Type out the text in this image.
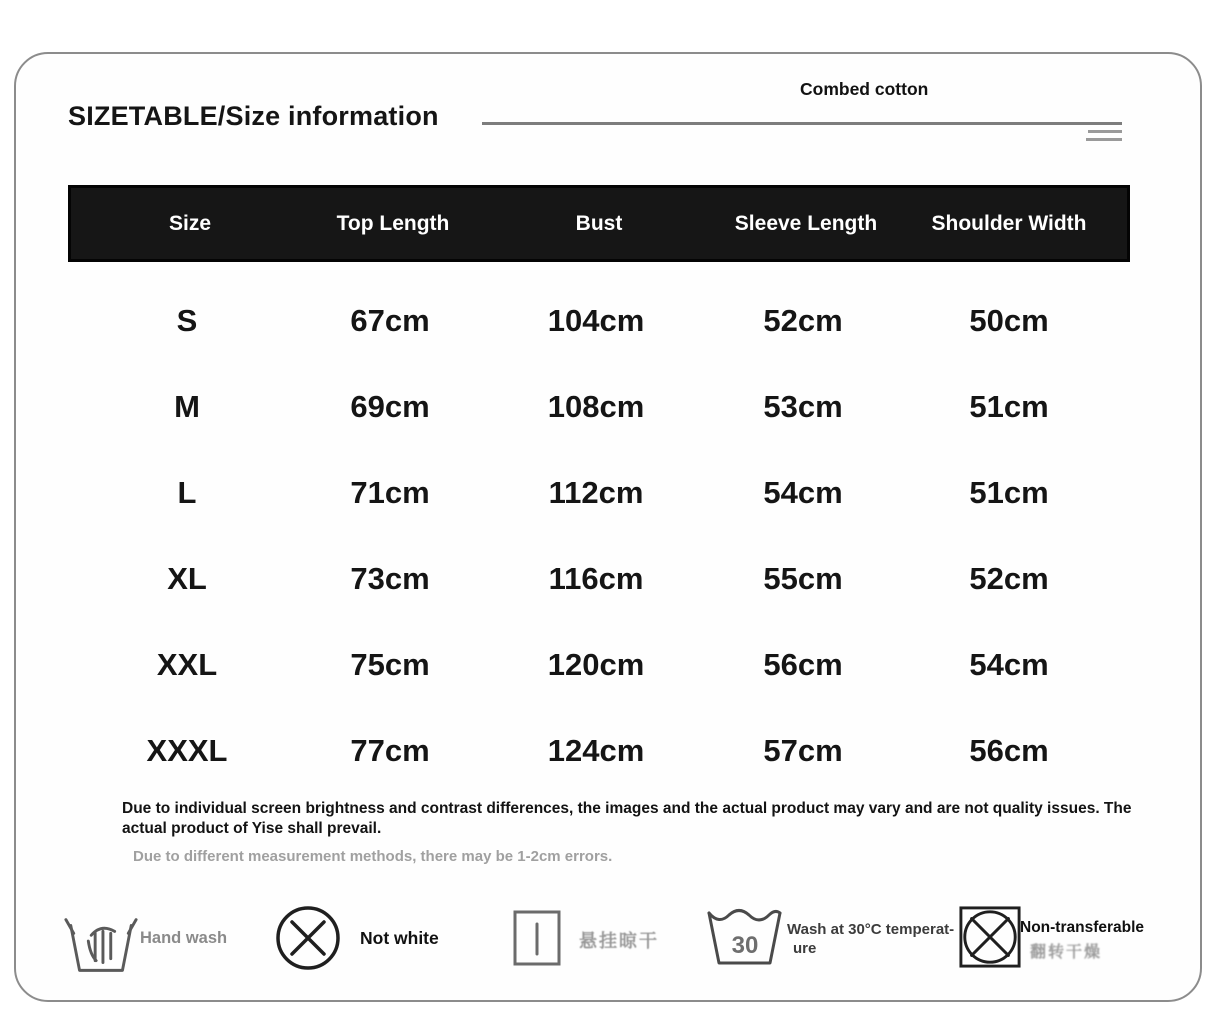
SIZETABLE/Size information
Combed cotton
Size	Top Length	Bust	Sleeve Length	Shoulder Width
S	67cm	104cm	52cm	50cm
M	69cm	108cm	53cm	51cm
L	71cm	112cm	54cm	51cm
XL	73cm	116cm	55cm	52cm
XXL	75cm	120cm	56cm	54cm
XXXL	77cm	124cm	57cm	56cm
Due to individual screen brightness and contrast differences, the images and the actual product may vary and are not quality issues. The actual product of Yise shall prevail.
Due to different measurement methods, there may be 1-2cm errors.
Hand wash	Not white	悬挂晾干	30
Wash at 30°C temperat-
ure
Non-transferable
翻转干燥
